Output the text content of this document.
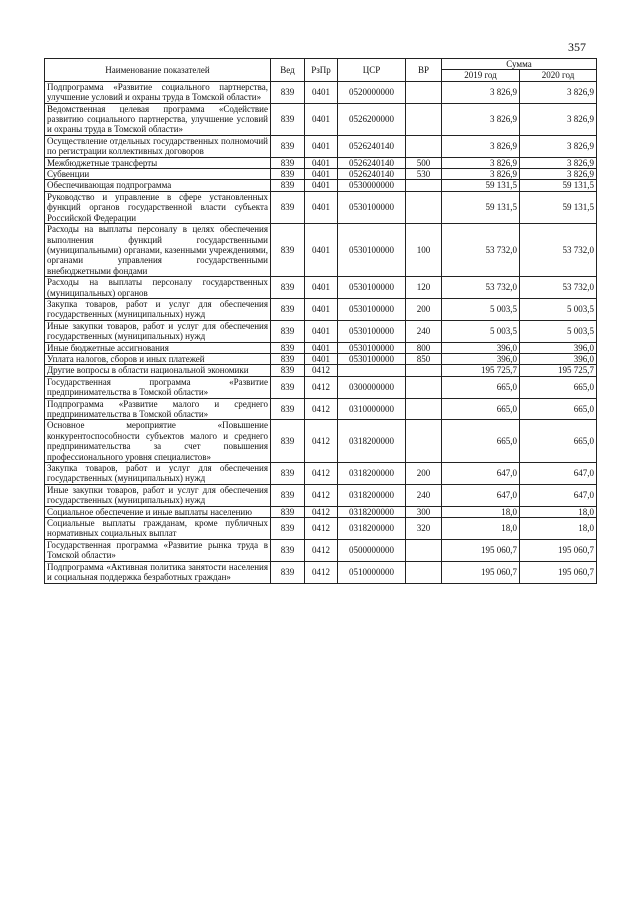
357
Наименование показателей	Вед	РзПр	ЦСР	ВР	Сумма	
					2019 год	2020 год
Подпрограмма «Развитие социального партнерства, улучшение условий и охраны труда в Томской области»	839	0401	0520000000		3 826,9	3 826,9
Ведомственная целевая программа «Содействие развитию социального партнерства, улучшение условий и охраны труда в Томской области»	839	0401	0526200000		3 826,9	3 826,9
Осуществление отдельных государственных полномочий по регистрации коллективных договоров	839	0401	0526240140		3 826,9	3 826,9
Межбюджетные трансферты	839	0401	0526240140	500	3 826,9	3 826,9
Субвенции	839	0401	0526240140	530	3 826,9	3 826,9
Обеспечивающая подпрограмма	839	0401	0530000000		59 131,5	59 131,5
Руководство и управление в сфере установленных функций органов государственной власти субъекта Российской Федерации	839	0401	0530100000		59 131,5	59 131,5
Расходы на выплаты персоналу в целях обеспечения выполнения функций государственными (муниципальными) органами, казенными учреждениями, органами управления государственными внебюджетными фондами	839	0401	0530100000	100	53 732,0	53 732,0
Расходы на выплаты персоналу государственных (муниципальных) органов	839	0401	0530100000	120	53 732,0	53 732,0
Закупка товаров, работ и услуг для обеспечения государственных (муниципальных) нужд	839	0401	0530100000	200	5 003,5	5 003,5
Иные закупки товаров, работ и услуг для обеспечения государственных (муниципальных) нужд	839	0401	0530100000	240	5 003,5	5 003,5
Иные бюджетные ассигнования	839	0401	0530100000	800	396,0	396,0
Уплата налогов, сборов и иных платежей	839	0401	0530100000	850	396,0	396,0
Другие вопросы в области национальной экономики	839	0412			195 725,7	195 725,7
Государственная программа «Развитие предпринимательства в Томской области»	839	0412	0300000000		665,0	665,0
Подпрограмма «Развитие малого и среднего предпринимательства в Томской области»	839	0412	0310000000		665,0	665,0
Основное мероприятие «Повышение конкурентоспособности субъектов малого и среднего предпринимательства за счет повышения профессионального уровня специалистов»	839	0412	0318200000		665,0	665,0
Закупка товаров, работ и услуг для обеспечения государственных (муниципальных) нужд	839	0412	0318200000	200	647,0	647,0
Иные закупки товаров, работ и услуг для обеспечения государственных (муниципальных) нужд	839	0412	0318200000	240	647,0	647,0
Социальное обеспечение и иные выплаты населению	839	0412	0318200000	300	18,0	18,0
Социальные выплаты гражданам, кроме публичных нормативных социальных выплат	839	0412	0318200000	320	18,0	18,0
Государственная программа «Развитие рынка труда в Томской области»	839	0412	0500000000		195 060,7	195 060,7
Подпрограмма «Активная политика занятости населения и социальная поддержка безработных граждан»	839	0412	0510000000		195 060,7	195 060,7
